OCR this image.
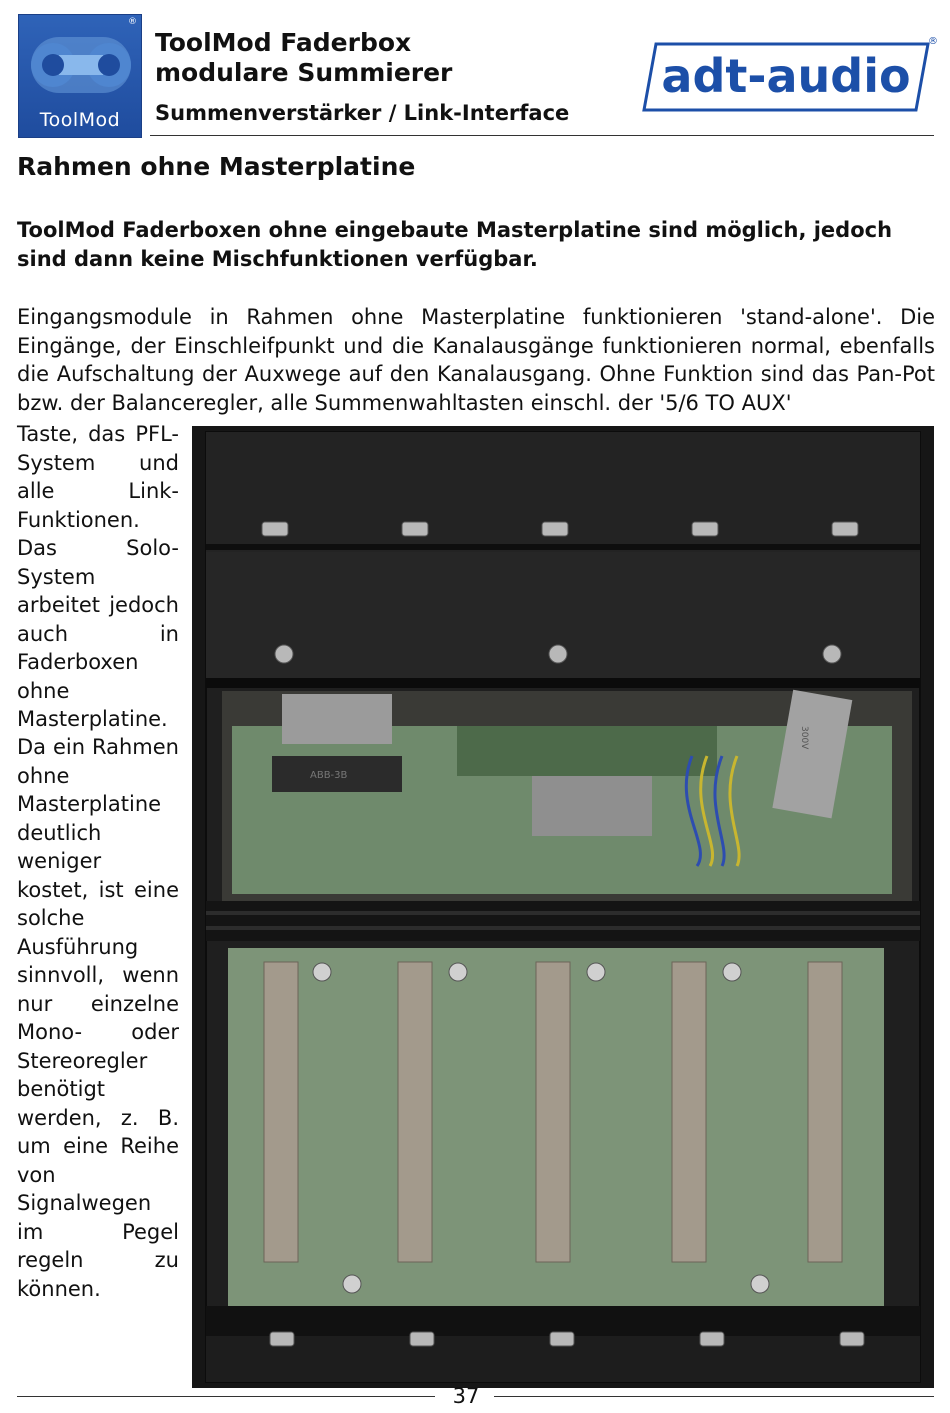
®
ToolMod
ToolMod Faderbox
modulare Summierer
Summenverstärker / Link-Interface
adt-audio
®
Rahmen ohne Masterplatine

ToolMod Faderboxen ohne eingebaute Masterplatine sind möglich, jedoch sind dann keine Mischfunktionen verfügbar.

Eingangsmodule in Rahmen ohne Masterplatine funktionieren 'stand-alone'. Die Eingänge, der Einschleifpunkt und die Kanalausgänge funktionieren normal, ebenfalls die Aufschaltung der Auxwege auf den Kanalausgang. Ohne Funktion sind das Pan-Pot bzw. der Balanceregler, alle Summenwahltasten einschl. der '5/6 TO AUX'

Taste, das PFL-System und alle Link-Funktionen. Das Solo-System arbeitet jedoch auch in Faderboxen ohne Masterplatine.

Da ein Rahmen ohne Masterplatine deutlich weniger kostet, ist eine solche Ausführung sinnvoll, wenn nur einzelne Mono- oder Stereoregler benötigt werden, z. B. um eine Reihe von Signalwegen im Pegel regeln zu können.

ABB-3B
300V
37
